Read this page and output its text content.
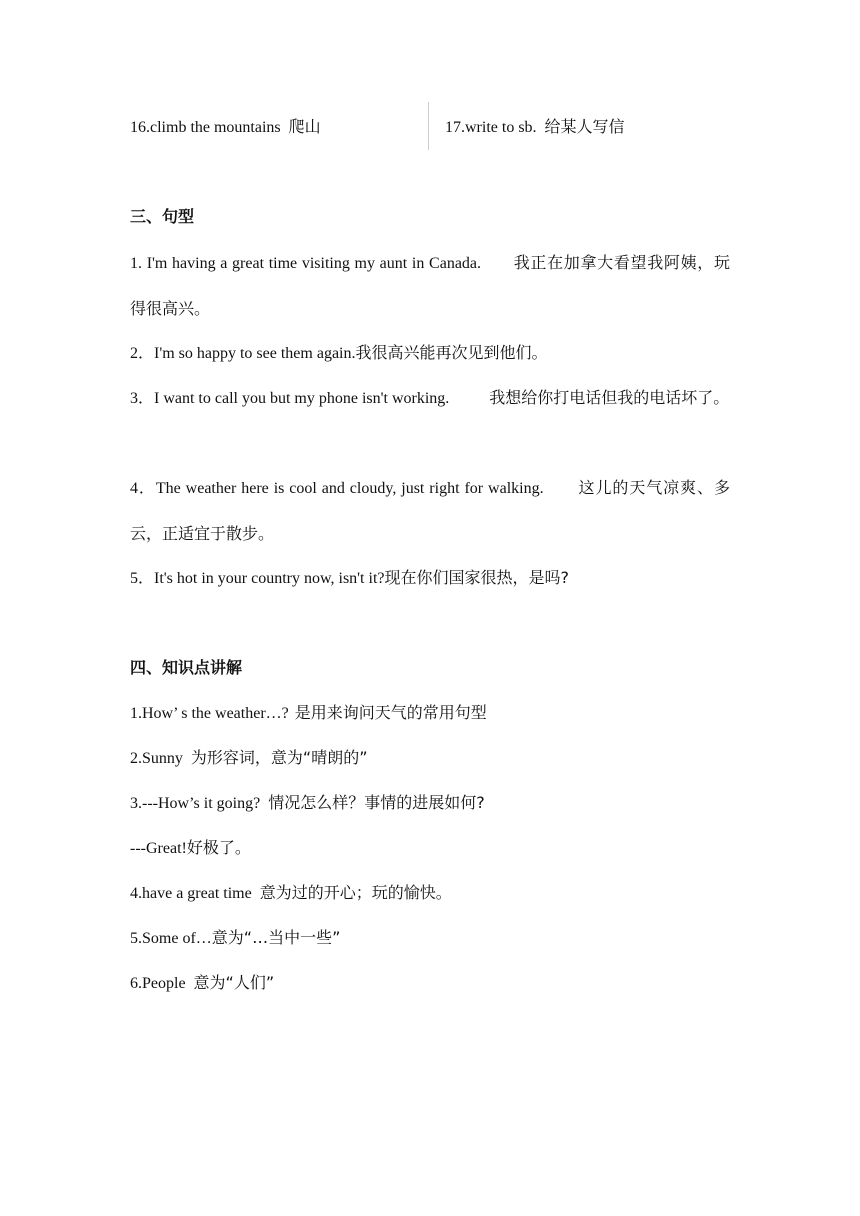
16.climb the mountains 爬山	17.write to sb. 给某人写信
三、句型
1. I'm having a great time visiting my aunt in Canada. 我正在加拿大看望我阿姨，玩得很高兴。
2．I'm so happy to see them again.我很高兴能再次见到他们。
3．I want to call you but my phone isn't working.	我想给你打电话但我的电话坏了。
4．The weather here is cool and cloudy, just right for walking. 这儿的天气凉爽、多云，正适宜于散步。
5．It's hot in your country now, isn't it?现在你们国家很热，是吗?
四、知识点讲解
1.How’ s the weather…? 是用来询问天气的常用句型
2.Sunny 为形容词，意为“晴朗的”
3.---How’s it going? 情况怎么样？事情的进展如何?
---Great!好极了。
4.have a great time 意为过的开心；玩的愉快。
5.Some of…意为“…当中一些”
6.People 意为“人们”
